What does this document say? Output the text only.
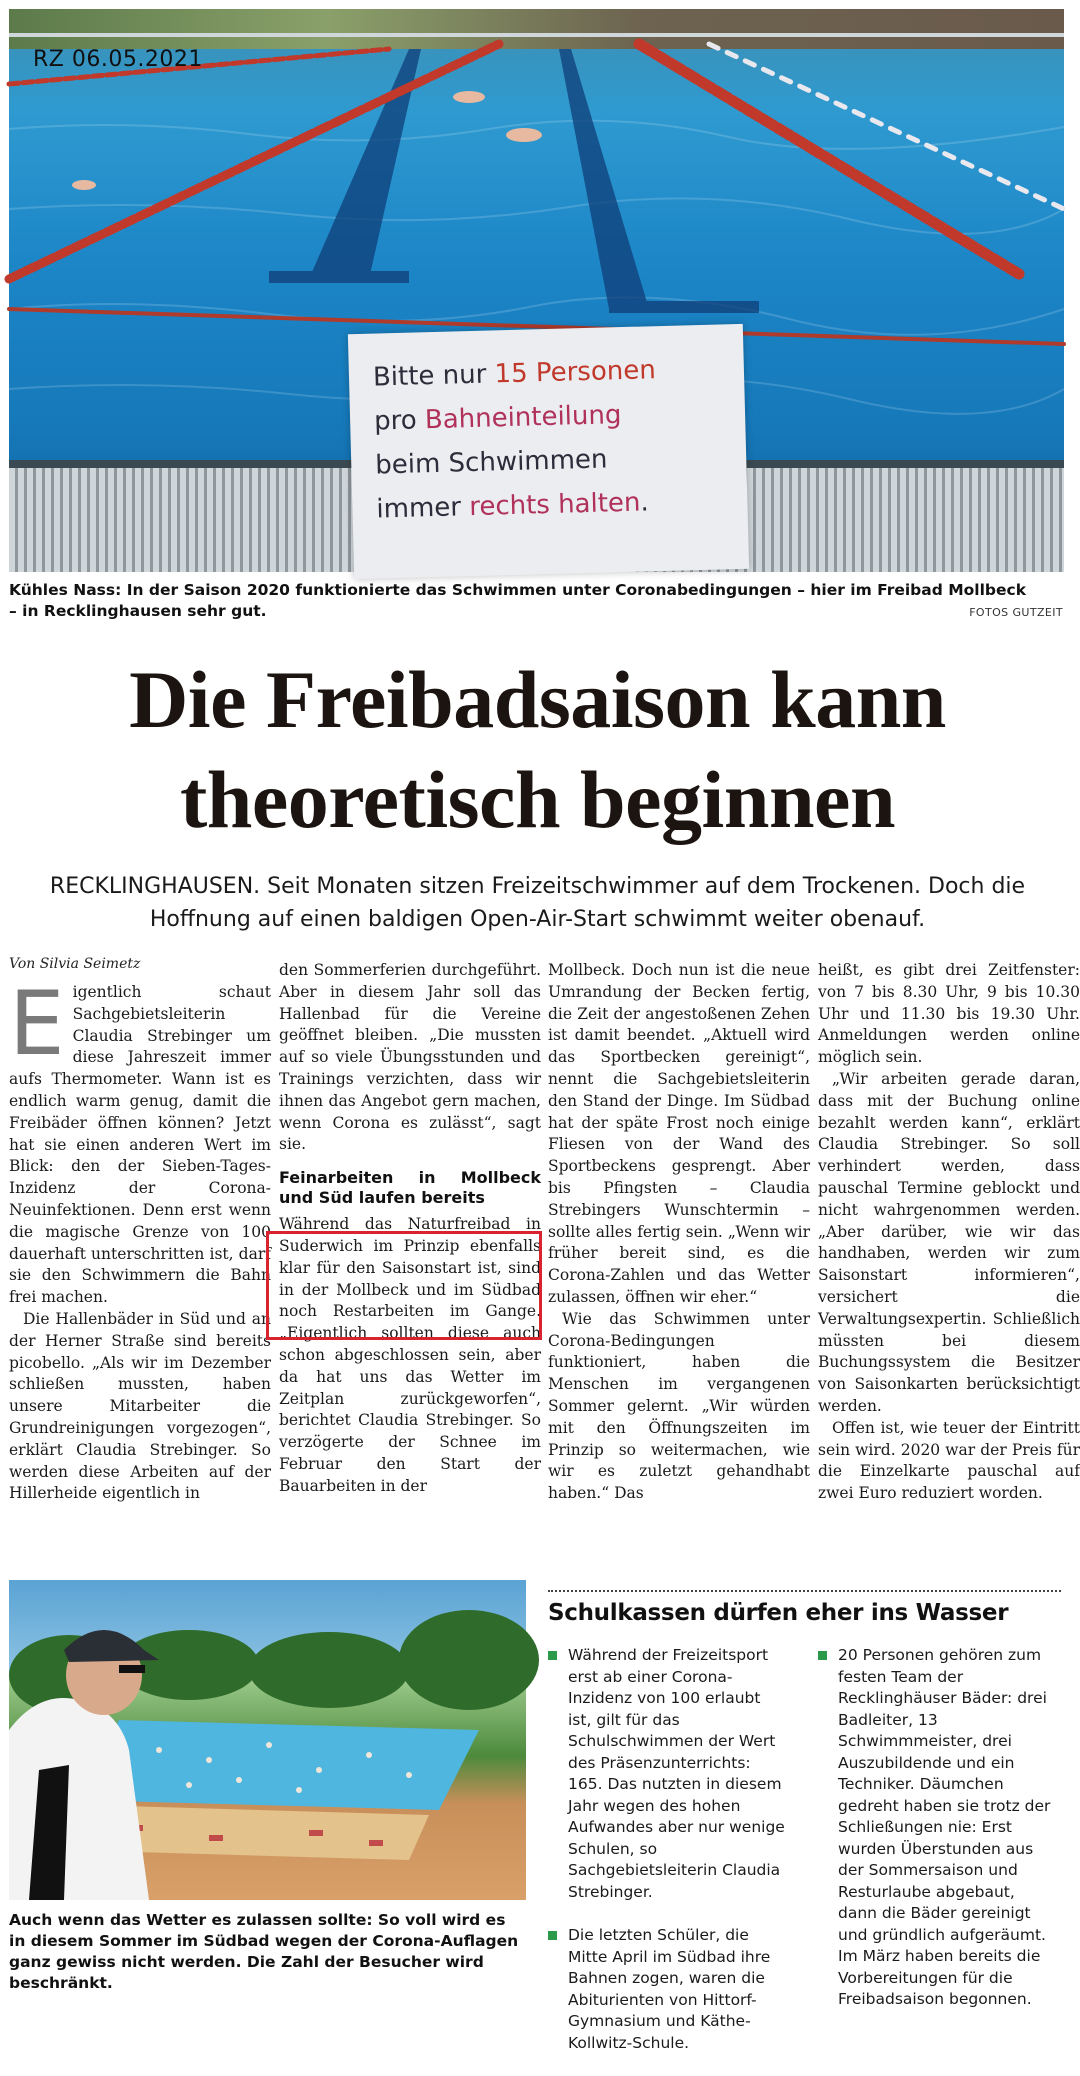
RZ 06.05.2021
Bitte nur 15 Personen
pro Bahneinteilung
beim Schwimmen
immer rechts halten.
Kühles Nass: In der Saison 2020 funktionierte das Schwimmen unter Coronabedingungen – hier im Freibad Mollbeck – in Recklinghausen sehr gut.	FOTOS GUTZEIT
Die Freibadsaison kann
theoretisch beginnen
RECKLINGHAUSEN. Seit Monaten sitzen Freizeitschwimmer auf dem Trockenen. Doch die Hoffnung auf einen baldigen Open-Air-Start schwimmt weiter obenauf.
Von Silvia Seimetz
E igentlich schaut Sachgebietsleiterin Claudia Strebinger um diese Jahreszeit immer aufs Thermometer. Wann ist es endlich warm genug, damit die Freibäder öffnen können? Jetzt hat sie einen anderen Wert im Blick: den der Sieben-Tages-Inzidenz der Corona-Neuinfektionen. Denn erst wenn die magische Grenze von 100 dauerhaft unterschritten ist, darf sie den Schwimmern die Bahn frei machen.

Die Hallenbäder in Süd und an der Herner Straße sind bereits picobello. „Als wir im Dezember schließen mussten, haben unsere Mitarbeiter die Grundreinigungen vorgezogen“, erklärt Claudia Strebinger. So werden diese Arbeiten auf der Hillerheide eigentlich in

den Sommerferien durchgeführt. Aber in diesem Jahr soll das Hallenbad für die Vereine geöffnet bleiben. „Die mussten auf so viele Übungsstunden und Trainings verzichten, dass wir ihnen das Angebot gern machen, wenn Corona es zulässt“, sagt sie.

Feinarbeiten in Mollbeck und Süd laufen bereits

Während das Naturfreibad in Suderwich im Prinzip ebenfalls klar für den Saisonstart ist, sind in der Mollbeck und im Südbad noch Restarbeiten im Gange. „Eigentlich sollten diese auch schon abgeschlossen sein, aber da hat uns das Wetter im Zeitplan zurückgeworfen“, berichtet Claudia Strebinger. So verzögerte der Schnee im Februar den Start der Bauarbeiten in der

Mollbeck. Doch nun ist die neue Umrandung der Becken fertig, die Zeit der angestoßenen Zehen ist damit beendet. „Aktuell wird das Sportbecken gereinigt“, nennt die Sachgebietsleiterin den Stand der Dinge. Im Südbad hat der späte Frost noch einige Fliesen von der Wand des Sportbeckens gesprengt. Aber bis Pfingsten – Claudia Strebingers Wunschtermin – sollte alles fertig sein. „Wenn wir früher bereit sind, es die Corona-Zahlen und das Wetter zulassen, öffnen wir eher.“

Wie das Schwimmen unter Corona-Bedingungen funktioniert, haben die Menschen im vergangenen Sommer gelernt. „Wir würden mit den Öffnungszeiten im Prinzip so weitermachen, wie wir es zuletzt gehandhabt haben.“ Das

heißt, es gibt drei Zeitfenster: von 7 bis 8.30 Uhr, 9 bis 10.30 Uhr und 11.30 bis 19.30 Uhr. Anmeldungen werden online möglich sein.

„Wir arbeiten gerade daran, dass mit der Buchung online bezahlt werden kann“, erklärt Claudia Strebinger. So soll verhindert werden, dass pauschal Termine geblockt und nicht wahrgenommen werden. „Aber darüber, wie wir das handhaben, werden wir zum Saisonstart informieren“, versichert die Verwaltungsexpertin. Schließlich müssten bei diesem Buchungssystem die Besitzer von Saisonkarten berücksichtigt werden.

Offen ist, wie teuer der Eintritt sein wird. 2020 war der Preis für die Einzelkarte pauschal auf zwei Euro reduziert worden.

Auch wenn das Wetter es zulassen sollte: So voll wird es in diesem Sommer im Südbad wegen der Corona-Auflagen ganz gewiss nicht werden. Die Zahl der Besucher wird beschränkt.
Schulkassen dürfen eher ins Wasser
Während der Freizeitsport erst ab einer Corona-Inzidenz von 100 erlaubt ist, gilt für das Schulschwimmen der Wert des Präsenzunterrichts: 165. Das nutzten in diesem Jahr wegen des hohen Aufwandes aber nur wenige Schulen, so Sachgebietsleiterin Claudia Strebinger.
Die letzten Schüler, die Mitte April im Südbad ihre Bahnen zogen, waren die Abiturienten von Hittorf-Gymnasium und Käthe-Kollwitz-Schule.
20 Personen gehören zum festen Team der Recklinghäuser Bäder: drei Badleiter, 13 Schwimmmeister, drei Auszubildende und ein Techniker. Däumchen gedreht haben sie trotz der Schließungen nie: Erst wurden Überstunden aus der Sommersaison und Resturlaube abgebaut, dann die Bäder gereinigt und gründlich aufgeräumt. Im März haben bereits die Vorbereitungen für die Freibadsaison begonnen.
